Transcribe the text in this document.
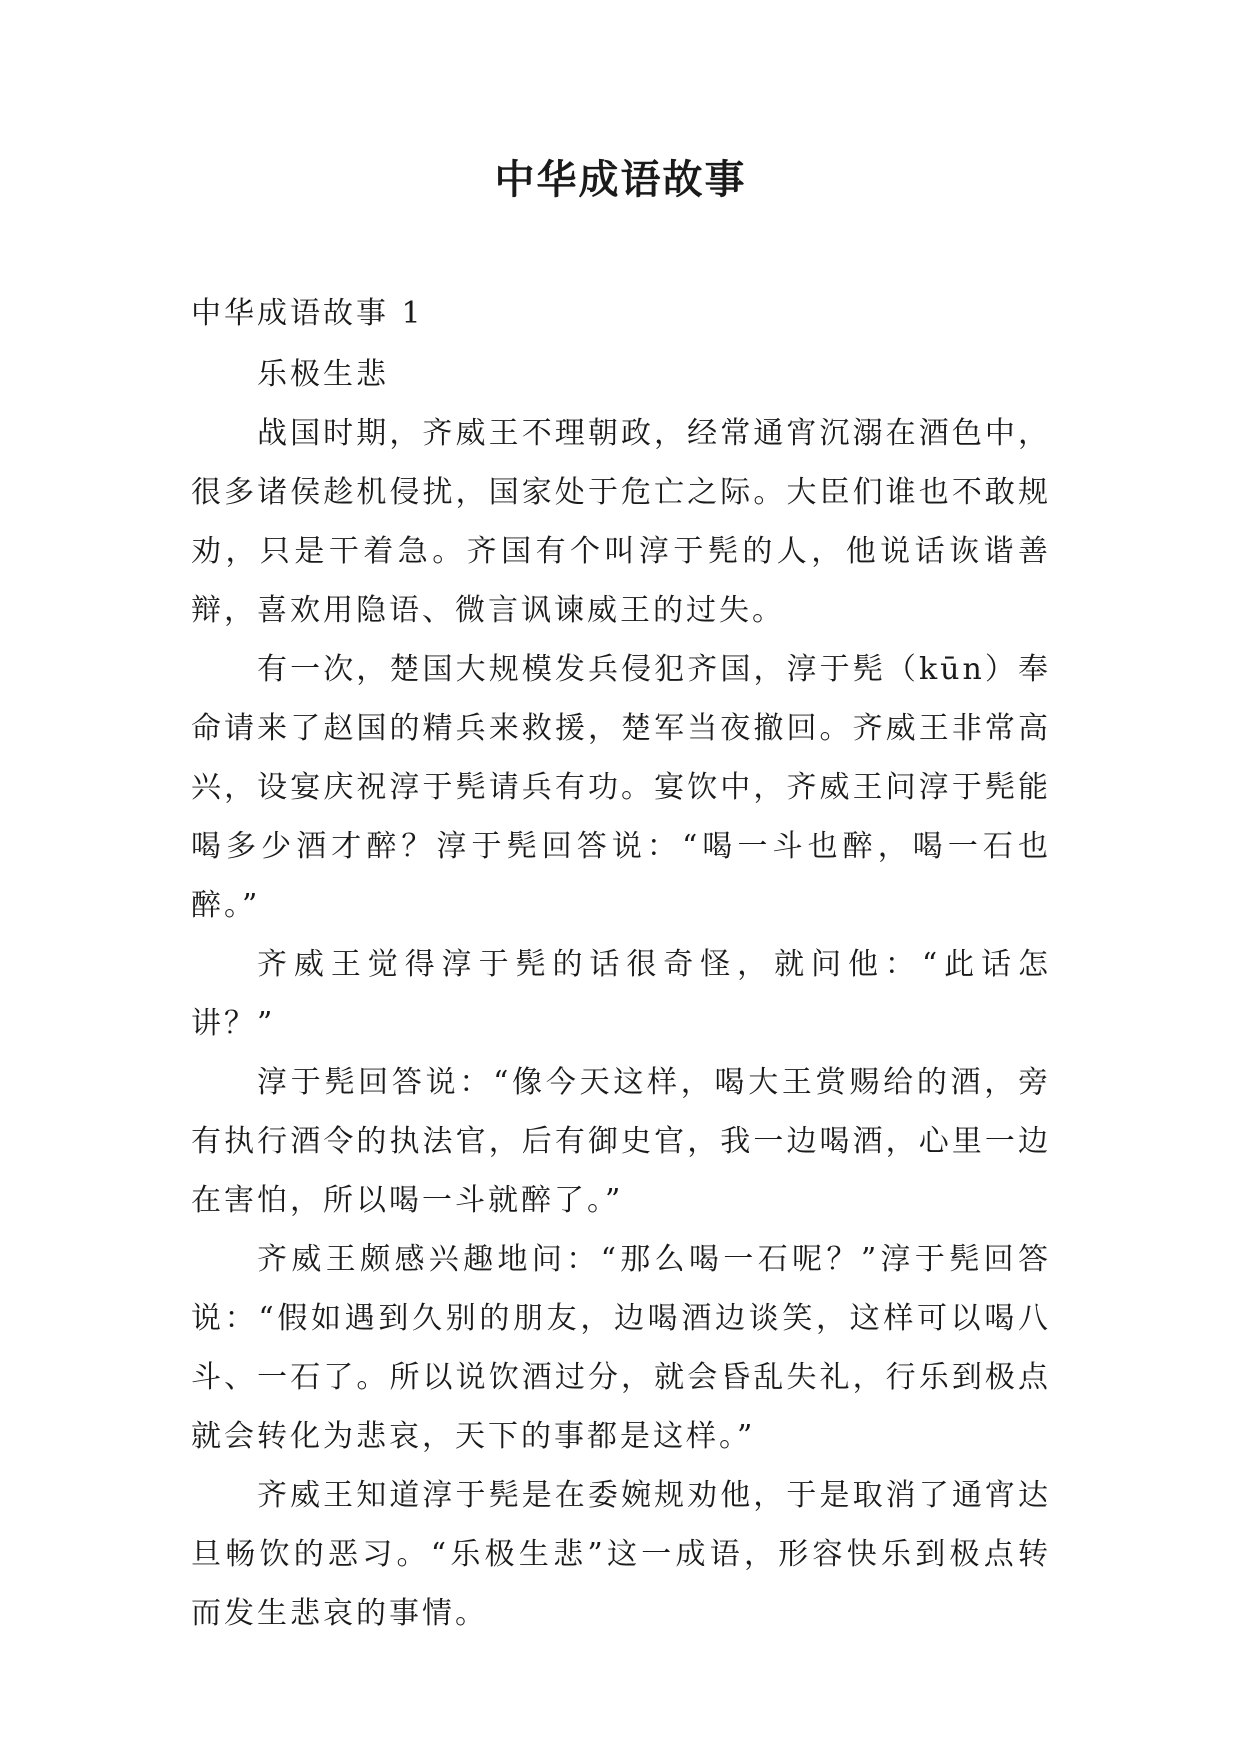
中华成语故事

中华成语故事 1

乐极生悲

战国时期，齐威王不理朝政，经常通宵沉溺在酒色中，很多诸侯趁机侵扰，国家处于危亡之际。大臣们谁也不敢规劝，只是干着急。齐国有个叫淳于髡的人，他说话诙谐善辩，喜欢用隐语、微言讽谏威王的过失。

有一次，楚国大规模发兵侵犯齐国，淳于髡（kūn）奉命请来了赵国的精兵来救援，楚军当夜撤回。齐威王非常高兴，设宴庆祝淳于髡请兵有功。宴饮中，齐威王问淳于髡能喝多少酒才醉？淳于髡回答说：“喝一斗也醉，喝一石也醉。”

齐威王觉得淳于髡的话很奇怪，就问他：“此话怎讲？”

淳于髡回答说：“像今天这样，喝大王赏赐给的酒，旁有执行酒令的执法官，后有御史官，我一边喝酒，心里一边在害怕，所以喝一斗就醉了。”

齐威王颇感兴趣地问：“那么喝一石呢？”淳于髡回答说：“假如遇到久别的朋友，边喝酒边谈笑，这样可以喝八斗、一石了。所以说饮酒过分，就会昏乱失礼，行乐到极点就会转化为悲哀，天下的事都是这样。”

齐威王知道淳于髡是在委婉规劝他，于是取消了通宵达旦畅饮的恶习。“乐极生悲”这一成语，形容快乐到极点转而发生悲哀的事情。
